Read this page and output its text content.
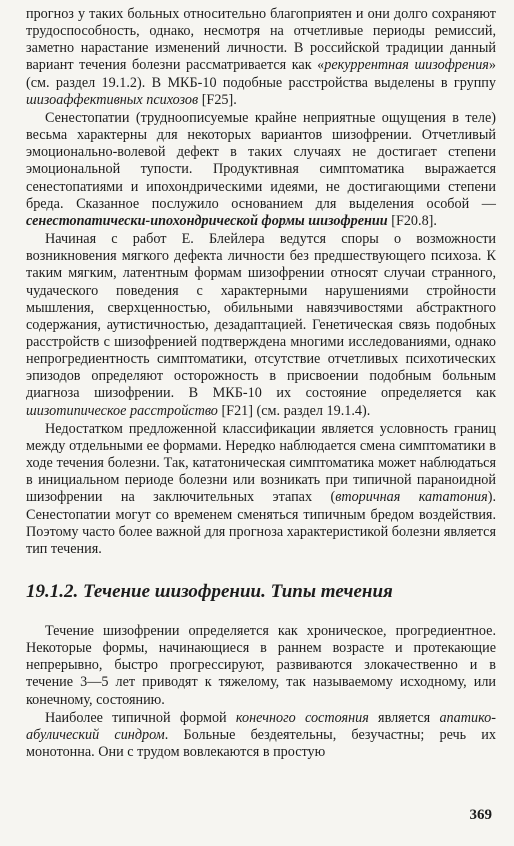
прогноз у таких больных относительно благоприятен и они долго сохраняют трудоспособность, однако, несмотря на отчетливые периоды ремиссий, заметно нарастание изменений личности. В российской традиции данный вариант течения болезни рассматривается как «рекуррентная шизофрения» (см. раздел 19.1.2). В МКБ-10 подобные расстройства выделены в группу шизоаффективных психозов [F25].

Сенестопатии (трудноописуемые крайне неприятные ощущения в теле) весьма характерны для некоторых вариантов шизофрении. Отчетливый эмоционально-волевой дефект в таких случаях не достигает степени эмоциональной тупости. Продуктивная симптоматика выражается сенестопатиями и ипохондрическими идеями, не достигающими степени бреда. Сказанное послужило основанием для выделения особой — сенестопатически-ипохондрической формы шизофрении [F20.8].

Начиная с работ Е. Блейлера ведутся споры о возможности возникновения мягкого дефекта личности без предшествующего психоза. К таким мягким, латентным формам шизофрении относят случаи странного, чудаческого поведения с характерными нарушениями стройности мышления, сверхценностью, обильными навязчивостями абстрактного содержания, аутистичностью, дезадаптацией. Генетическая связь подобных расстройств с шизофренией подтверждена многими исследованиями, однако непрогредиентность симптоматики, отсутствие отчетливых психотических эпизодов определяют осторожность в присвоении подобным больным диагноза шизофрении. В МКБ-10 их состояние определяется как шизотипическое расстройство [F21] (см. раздел 19.1.4).

Недостатком предложенной классификации является условность границ между отдельными ее формами. Нередко наблюдается смена симптоматики в ходе течения болезни. Так, кататоническая симптоматика может наблюдаться в инициальном периоде болезни или возникать при типичной параноидной шизофрении на заключительных этапах (вторичная кататония). Сенестопатии могут со временем сменяться типичным бредом воздействия. Поэтому часто более важной для прогноза характеристикой болезни является тип течения.

19.1.2. Течение шизофрении. Типы течения

Течение шизофрении определяется как хроническое, прогредиентное. Некоторые формы, начинающиеся в раннем возрасте и протекающие непрерывно, быстро прогрессируют, развиваются злокачественно и в течение 3—5 лет приводят к тяжелому, так называемому исходному, или конечному, состоянию.

Наиболее типичной формой конечного состояния является апатико-абулический синдром. Больные бездеятельны, безучастны; речь их монотонна. Они с трудом вовлекаются в простую

369
